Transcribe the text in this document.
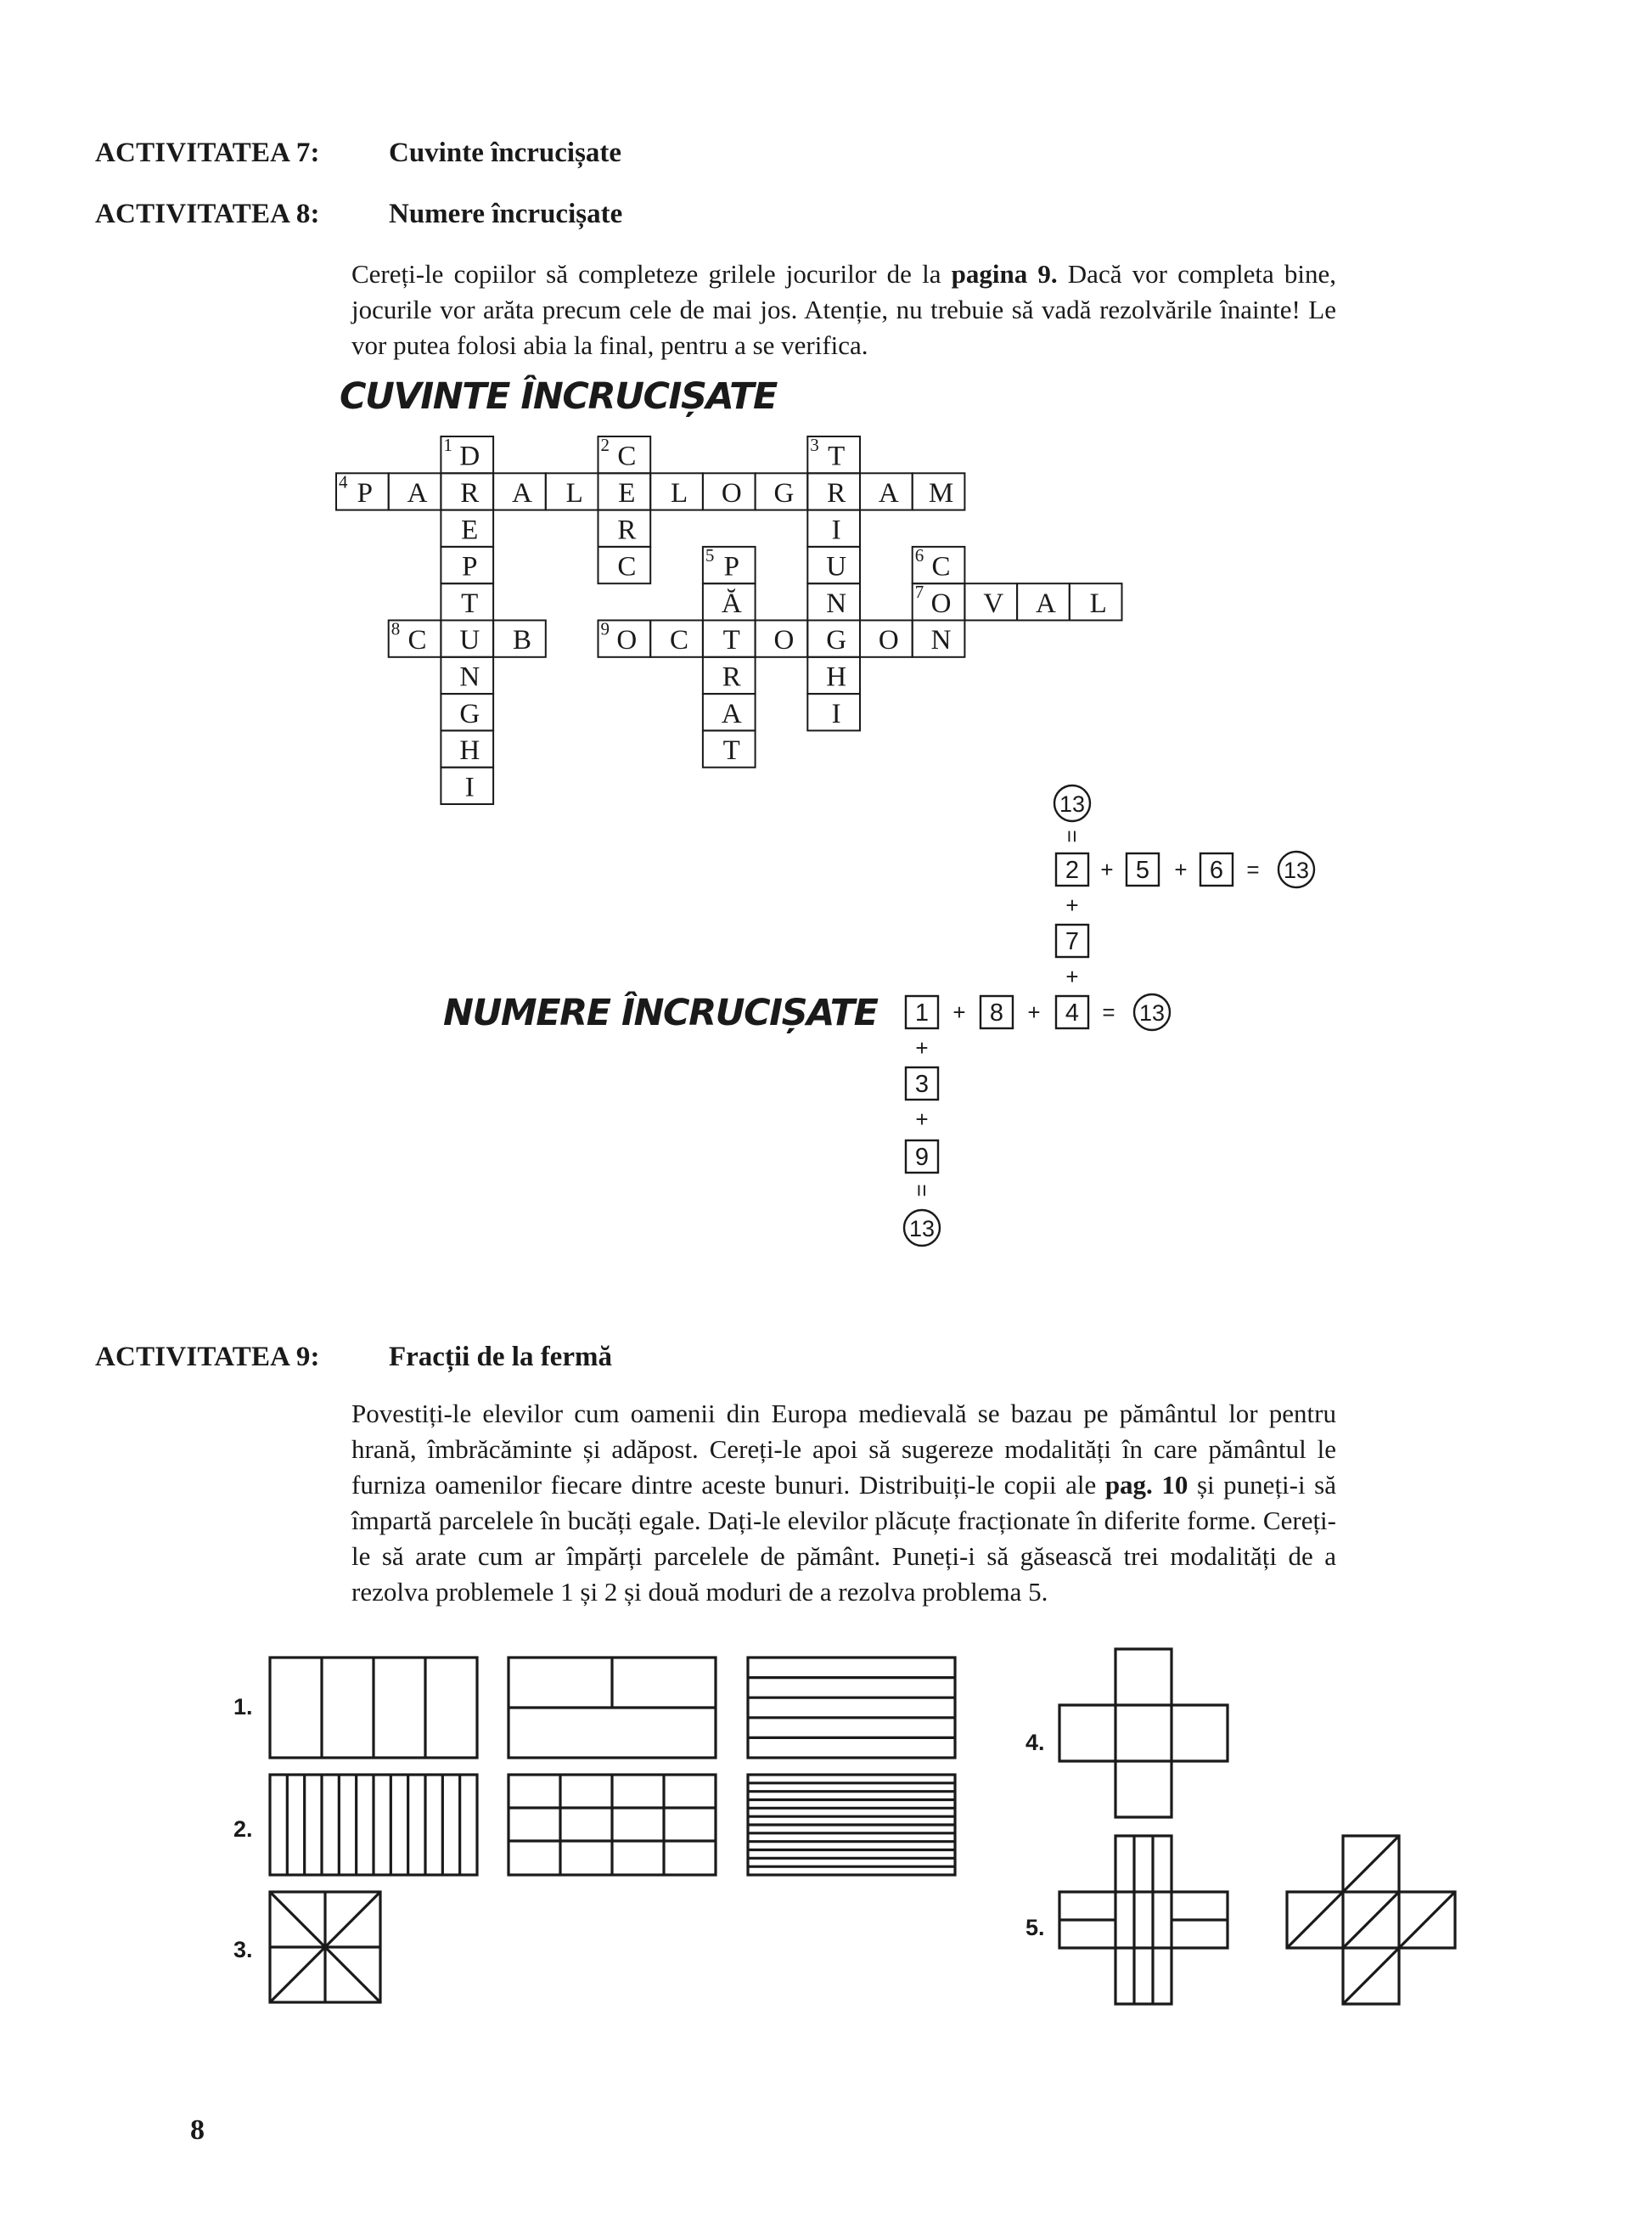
ACTIVITATEA 7: Cuvinte încrucișate
ACTIVITATEA 8: Numere încrucișate
Cereți-le copiilor să completeze grilele jocurilor de la pagina 9. Dacă vor completa bine, jocurile vor arăta precum cele de mai jos. Atenție, nu trebuie să vadă rezolvările înainte! Le vor putea folosi abia la final, pentru a se verifica.
CUVINTE ÎNCRUCIȘATE
NUMERE ÎNCRUCIȘATE
D
1
R
E
P
T
U
N
G
H
I
C
2
E
R
C
T
3
R
I
U
N
G
H
I
P
4 A	A L	L O G	A M
P
5
Ă
T
R
A
T
C
6
O
7 V A L
C
8	B	O
9 C	O	O N
13
=
2 5 6
+	+	= 13
+
7
+
1 8	4
+	+	= 13
+
3
+
9
=
13
1.
2.
3.
4.
5.
ACTIVITATEA 9: Fracții de la fermă
Povestiți-le elevilor cum oamenii din Europa medievală se bazau pe pământul lor pentru hrană, îmbrăcăminte și adăpost. Cereți-le apoi să sugereze modalități în care pământul le furniza oamenilor fiecare dintre aceste bunuri. Distribuiți-le copii ale pag. 10 și puneți-i să împartă parcelele în bucăți egale. Dați-le elevilor plăcuțe fracționate în diferite forme. Cereți-le să arate cum ar împărți parcelele de pământ. Puneți-i să găsească trei modalități de a rezolva problemele 1 și 2 și două moduri de a rezolva problema 5.
8
